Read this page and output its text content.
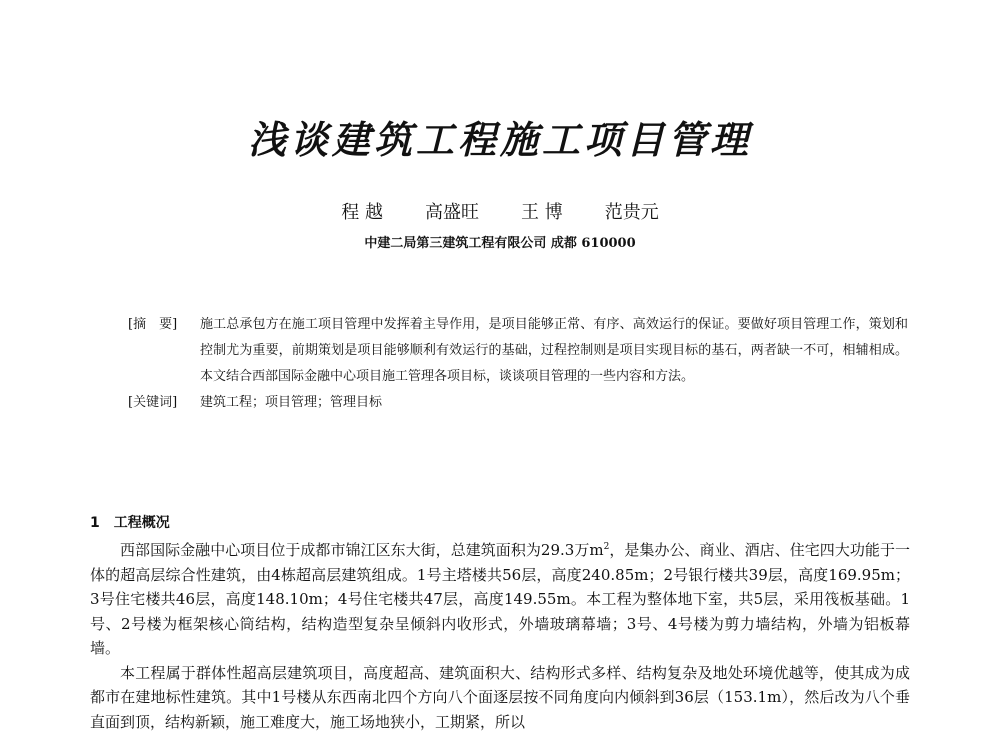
浅谈建筑工程施工项目管理
程 越 高盛旺 王 博 范贵元
中建二局第三建筑工程有限公司 成都 610000
[摘　要]	施工总承包方在施工项目管理中发挥着主导作用，是项目能够正常、有序、高效运行的保证。要做好项目管理工作，策划和控制尤为重要，前期策划是项目能够顺利有效运行的基础，过程控制则是项目实现目标的基石，两者缺一不可，相辅相成。本文结合西部国际金融中心项目施工管理各项目标，谈谈项目管理的一些内容和方法。
[关键词]	建筑工程；项目管理；管理目标
1 工程概况

西部国际金融中心项目位于成都市锦江区东大街，总建筑面积为29.3万$m^2$，是集办公、商业、酒店、住宅四大功能于一体的超高层综合性建筑，由4栋超高层建筑组成。1号主塔楼共56层，高度240.85m；2号银行楼共39层，高度169.95m；3号住宅楼共46层，高度148.10m；4号住宅楼共47层，高度149.55m。本工程为整体地下室，共5层，采用筏板基础。1号、2号楼为框架核心筒结构，结构造型复杂呈倾斜内收形式，外墙玻璃幕墙；3号、4号楼为剪力墙结构，外墙为铝板幕墙。

本工程属于群体性超高层建筑项目，高度超高、建筑面积大、结构形式多样、结构复杂及地处环境优越等，使其成为成都市在建地标性建筑。其中1号楼从东西南北四个方向八个面逐层按不同角度向内倾斜到36层（153.1m），然后改为八个垂直面到顶，结构新颖，施工难度大，施工场地狭小，工期紧，所以
